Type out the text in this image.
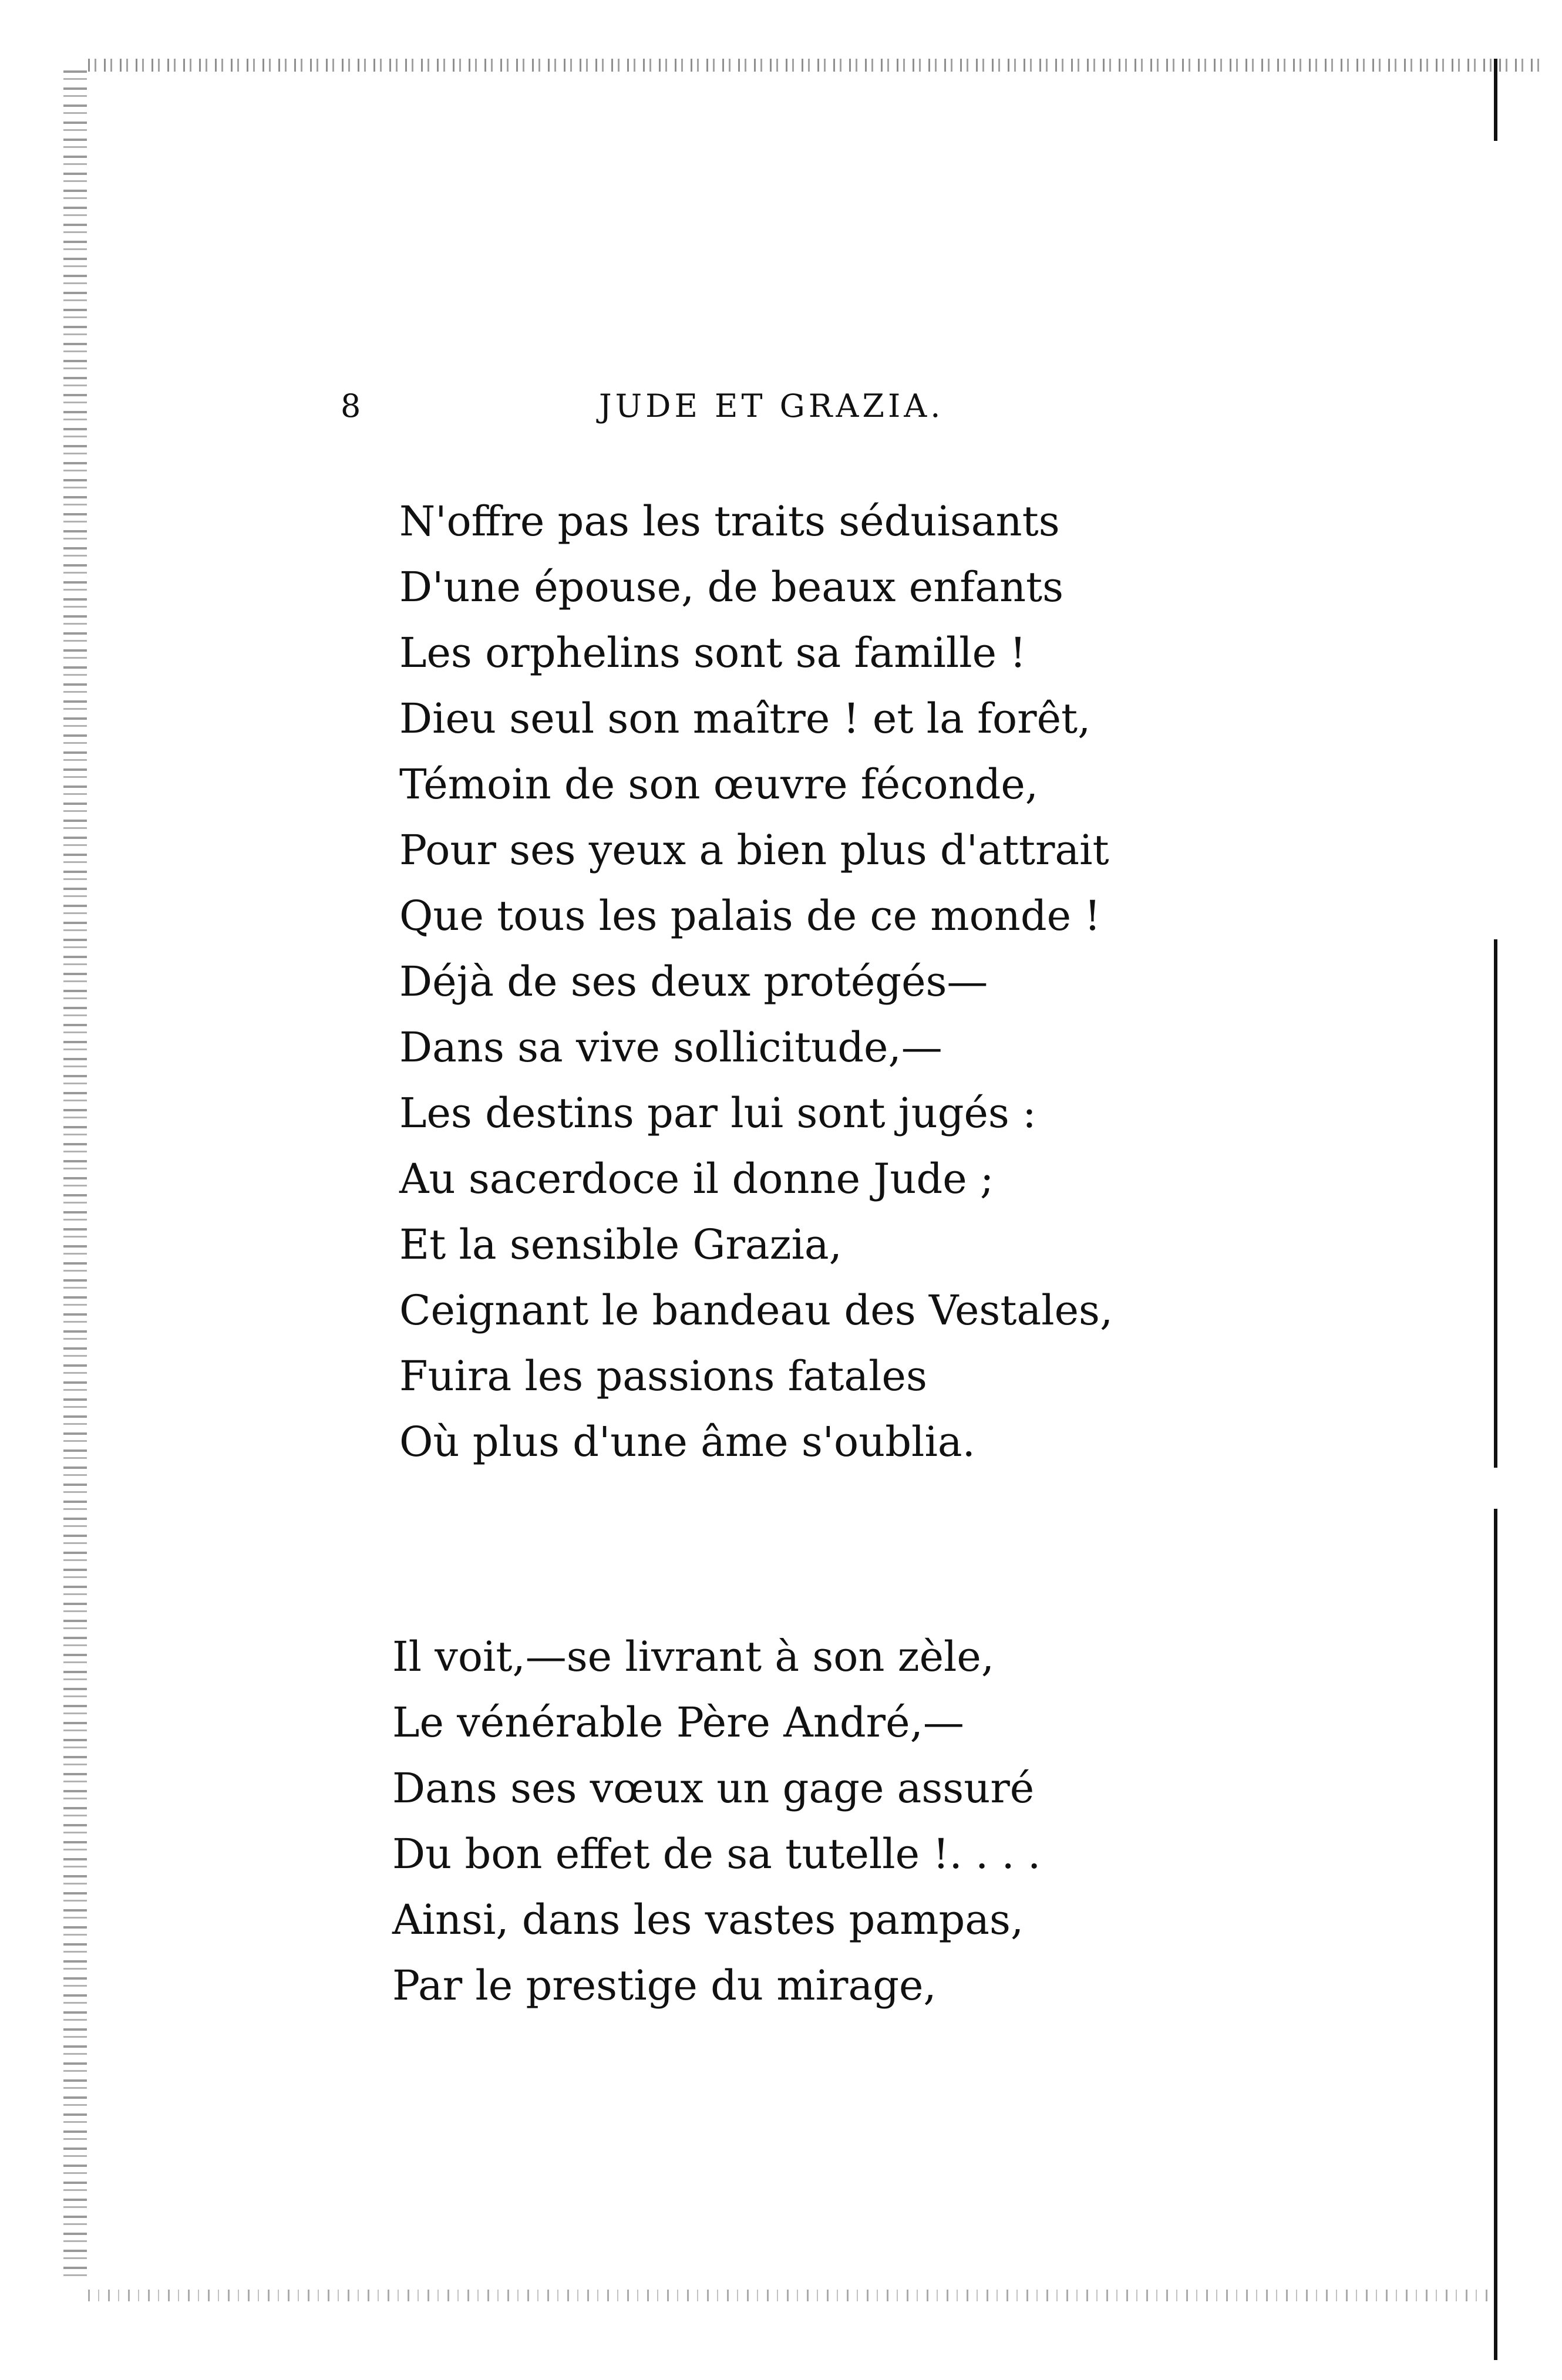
8	JUDE ET GRAZIA.
N'offre pas les traits séduisants
D'une épouse, de beaux enfants
Les orphelins sont sa famille !
Dieu seul son maître ! et la forêt,
Témoin de son œuvre féconde,
Pour ses yeux a bien plus d'attrait
Que tous les palais de ce monde !
Déjà de ses deux protégés—
Dans sa vive sollicitude,—
Les destins par lui sont jugés :
Au sacerdoce il donne Jude ;
Et la sensible Grazia,
Ceignant le bandeau des Vestales,
Fuira les passions fatales
Où plus d'une âme s'oublia.
Il voit,—se livrant à son zèle,
Le vénérable Père André,—
Dans ses vœux un gage assuré
Du bon effet de sa tutelle !. . . .
Ainsi, dans les vastes pampas,
Par le prestige du mirage,
